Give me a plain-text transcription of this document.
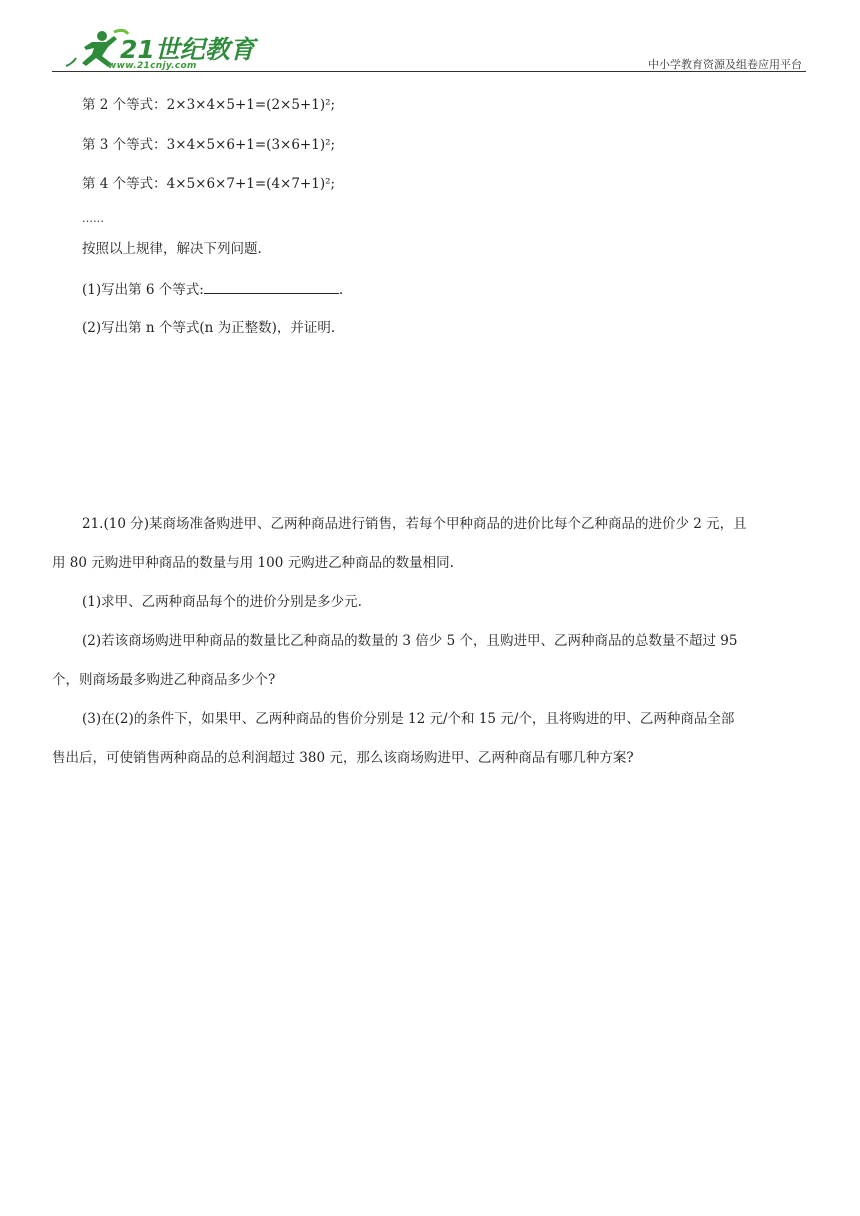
21世纪教育
www.21cnjy.com	中小学教育资源及组卷应用平台
第 2 个等式：2×3×4×5+1=(2×5+1)²;
第 3 个等式：3×4×5×6+1=(3×6+1)²;
第 4 个等式：4×5×6×7+1=(4×7+1)²;
……
按照以上规律，解决下列问题.
(1)写出第 6 个等式:	.
(2)写出第 n 个等式(n 为正整数)，并证明.
21.(10 分)某商场准备购进甲、乙两种商品进行销售，若每个甲种商品的进价比每个乙种商品的进价少 2 元，且
用 80 元购进甲种商品的数量与用 100 元购进乙种商品的数量相同.
(1)求甲、乙两种商品每个的进价分别是多少元.
(2)若该商场购进甲种商品的数量比乙种商品的数量的 3 倍少 5 个，且购进甲、乙两种商品的总数量不超过 95
个，则商场最多购进乙种商品多少个?
(3)在(2)的条件下，如果甲、乙两种商品的售价分别是 12 元/个和 15 元/个，且将购进的甲、乙两种商品全部
售出后，可使销售两种商品的总利润超过 380 元，那么该商场购进甲、乙两种商品有哪几种方案?
